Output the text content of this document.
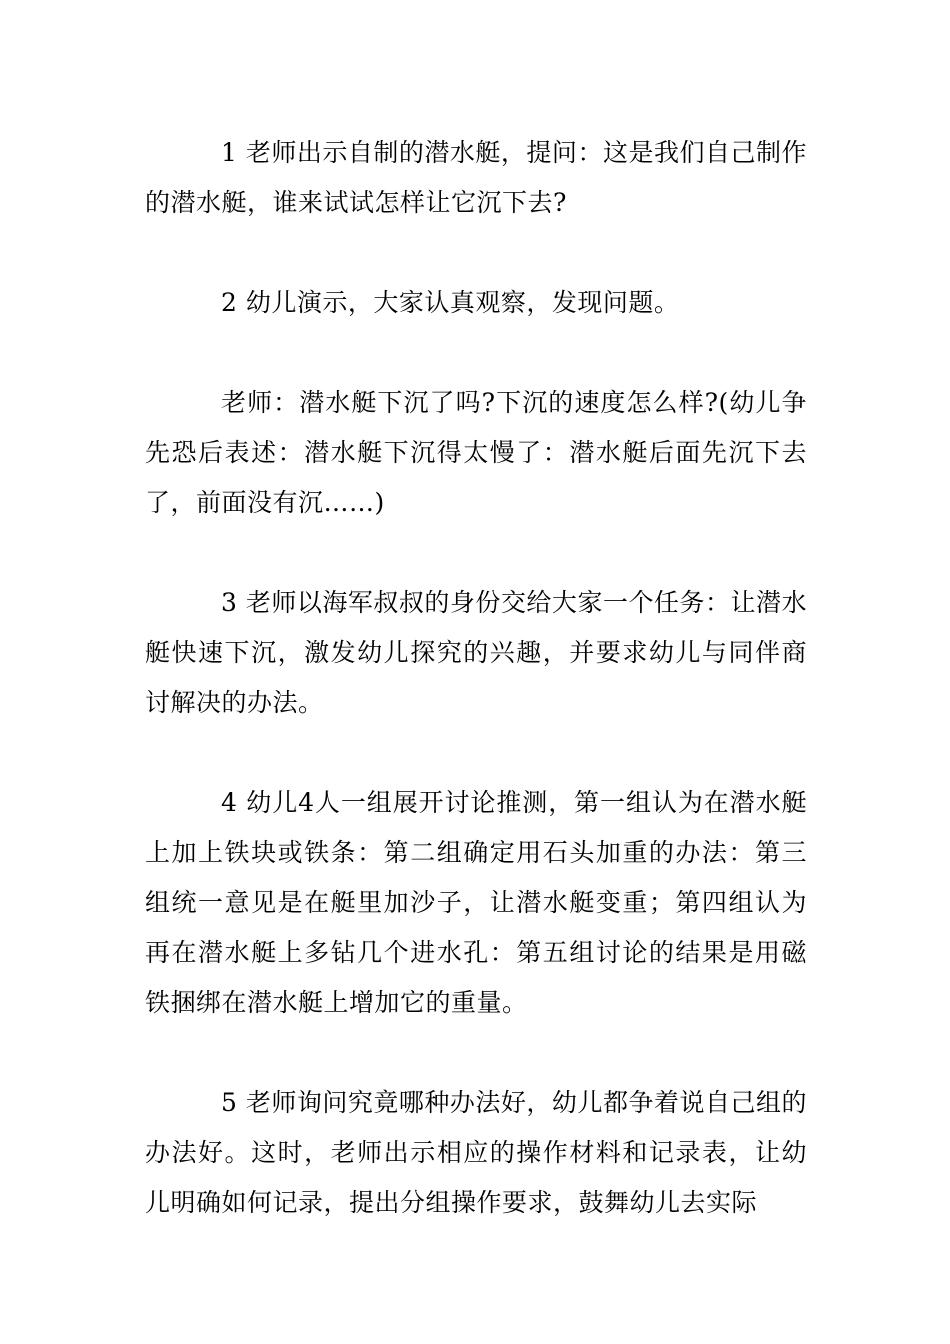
1 老师出示自制的潜水艇，提问：这是我们自己制作的潜水艇，谁来试试怎样让它沉下去?

2 幼儿演示，大家认真观察，发现问题。

老师：潜水艇下沉了吗?下沉的速度怎么样?(幼儿争先恐后表述：潜水艇下沉得太慢了：潜水艇后面先沉下去了，前面没有沉……)

3 老师以海军叔叔的身份交给大家一个任务：让潜水艇快速下沉，激发幼儿探究的兴趣，并要求幼儿与同伴商讨解决的办法。

4 幼儿4人一组展开讨论推测，第一组认为在潜水艇上加上铁块或铁条：第二组确定用石头加重的办法：第三组统一意见是在艇里加沙子，让潜水艇变重；第四组认为再在潜水艇上多钻几个进水孔：第五组讨论的结果是用磁铁捆绑在潜水艇上增加它的重量。

5 老师询问究竟哪种办法好，幼儿都争着说自己组的办法好。这时，老师出示相应的操作材料和记录表，让幼儿明确如何记录，提出分组操作要求，鼓舞幼儿去实际
